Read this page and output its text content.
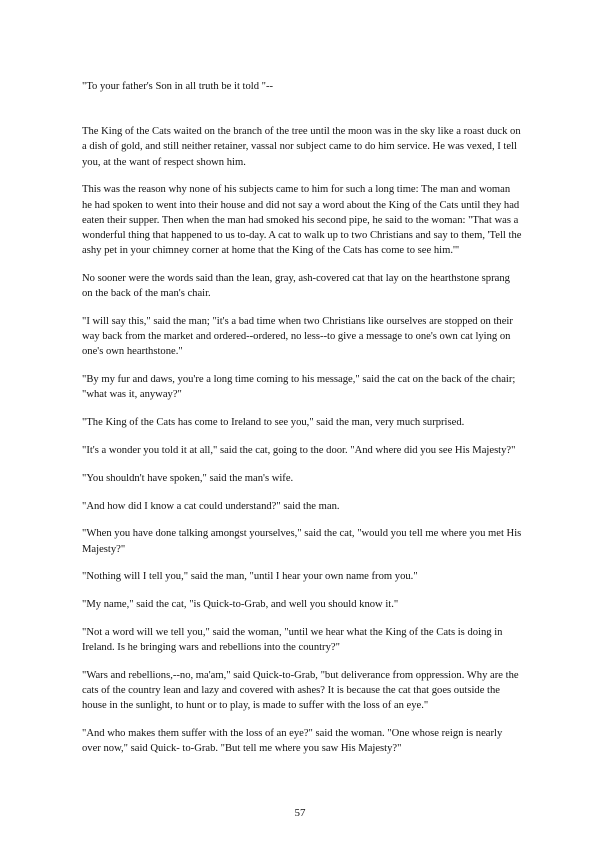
"To your father's Son in all truth be it told "--

The King of the Cats waited on the branch of the tree until the moon was in the sky like a roast duck on a dish of gold, and still neither retainer, vassal nor subject came to do him service. He was vexed, I tell you, at the want of respect shown him.

This was the reason why none of his subjects came to him for such a long time: The man and woman he had spoken to went into their house and did not say a word about the King of the Cats until they had eaten their supper. Then when the man had smoked his second pipe, he said to the woman: "That was a wonderful thing that happened to us to-day. A cat to walk up to two Christians and say to them, 'Tell the ashy pet in your chimney corner at home that the King of the Cats has come to see him.'"

No sooner were the words said than the lean, gray, ash-covered cat that lay on the hearthstone sprang on the back of the man's chair.

"I will say this," said the man; "it's a bad time when two Christians like ourselves are stopped on their way back from the market and ordered--ordered, no less--to give a message to one's own cat lying on one's own hearthstone."

"By my fur and daws, you're a long time coming to his message," said the cat on the back of the chair; "what was it, anyway?"

"The King of the Cats has come to Ireland to see you," said the man, very much surprised.

"It's a wonder you told it at all," said the cat, going to the door. "And where did you see His Majesty?"

"You shouldn't have spoken," said the man's wife.

"And how did I know a cat could understand?" said the man.

"When you have done talking amongst yourselves," said the cat, "would you tell me where you met His Majesty?"

"Nothing will I tell you," said the man, "until I hear your own name from you."

"My name," said the cat, "is Quick-to-Grab, and well you should know it."

"Not a word will we tell you," said the woman, "until we hear what the King of the Cats is doing in Ireland. Is he bringing wars and rebellions into the country?"

"Wars and rebellions,--no, ma'am," said Quick-to-Grab, "but deliverance from oppression. Why are the cats of the country lean and lazy and covered with ashes? It is because the cat that goes outside the house in the sunlight, to hunt or to play, is made to suffer with the loss of an eye."

"And who makes them suffer with the loss of an eye?" said the woman. "One whose reign is nearly over now," said Quick- to-Grab. "But tell me where you saw His Majesty?"

57
